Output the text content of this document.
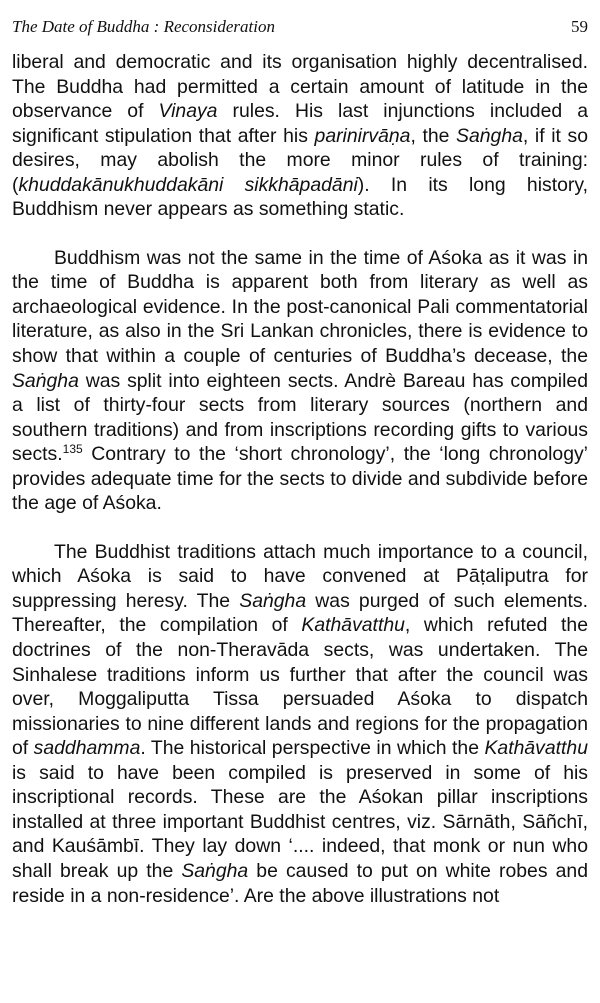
The Date of Buddha : Reconsideration	59

liberal and democratic and its organisation highly decentralised. The Buddha had permitted a certain amount of latitude in the observance of Vinaya rules. His last injunctions included a significant stipulation that after his parinirvāṇa, the Saṅgha, if it so desires, may abolish the more minor rules of training: (khuddakānukhuddakāni sikkhāpadāni). In its long history, Buddhism never appears as something static.

Buddhism was not the same in the time of Aśoka as it was in the time of Buddha is apparent both from literary as well as archaeological evidence. In the post-canonical Pali commentatorial literature, as also in the Sri Lankan chronicles, there is evidence to show that within a couple of centuries of Buddha’s decease, the Saṅgha was split into eighteen sects. Andrè Bareau has compiled a list of thirty-four sects from literary sources (northern and southern traditions) and from inscriptions recording gifts to various sects.$^{135}$ Contrary to the ‘short chronology’, the ‘long chronology’ provides adequate time for the sects to divide and subdivide before the age of Aśoka.

The Buddhist traditions attach much importance to a council, which Aśoka is said to have convened at Pāṭaliputra for suppressing heresy. The Saṅgha was purged of such elements. Thereafter, the compilation of Kathāvatthu, which refuted the doctrines of the non-Theravāda sects, was undertaken. The Sinhalese traditions inform us further that after the council was over, Moggaliputta Tissa persuaded Aśoka to dispatch missionaries to nine different lands and regions for the propagation of saddhamma. The historical perspective in which the Kathāvatthu is said to have been compiled is preserved in some of his inscriptional records. These are the Aśokan pillar inscriptions installed at three important Buddhist centres, viz. Sārnāth, Sāñchī, and Kauśāmbī. They lay down ‘.... indeed, that monk or nun who shall break up the Saṅgha be caused to put on white robes and reside in a non-residence’. Are the above illustrations not
